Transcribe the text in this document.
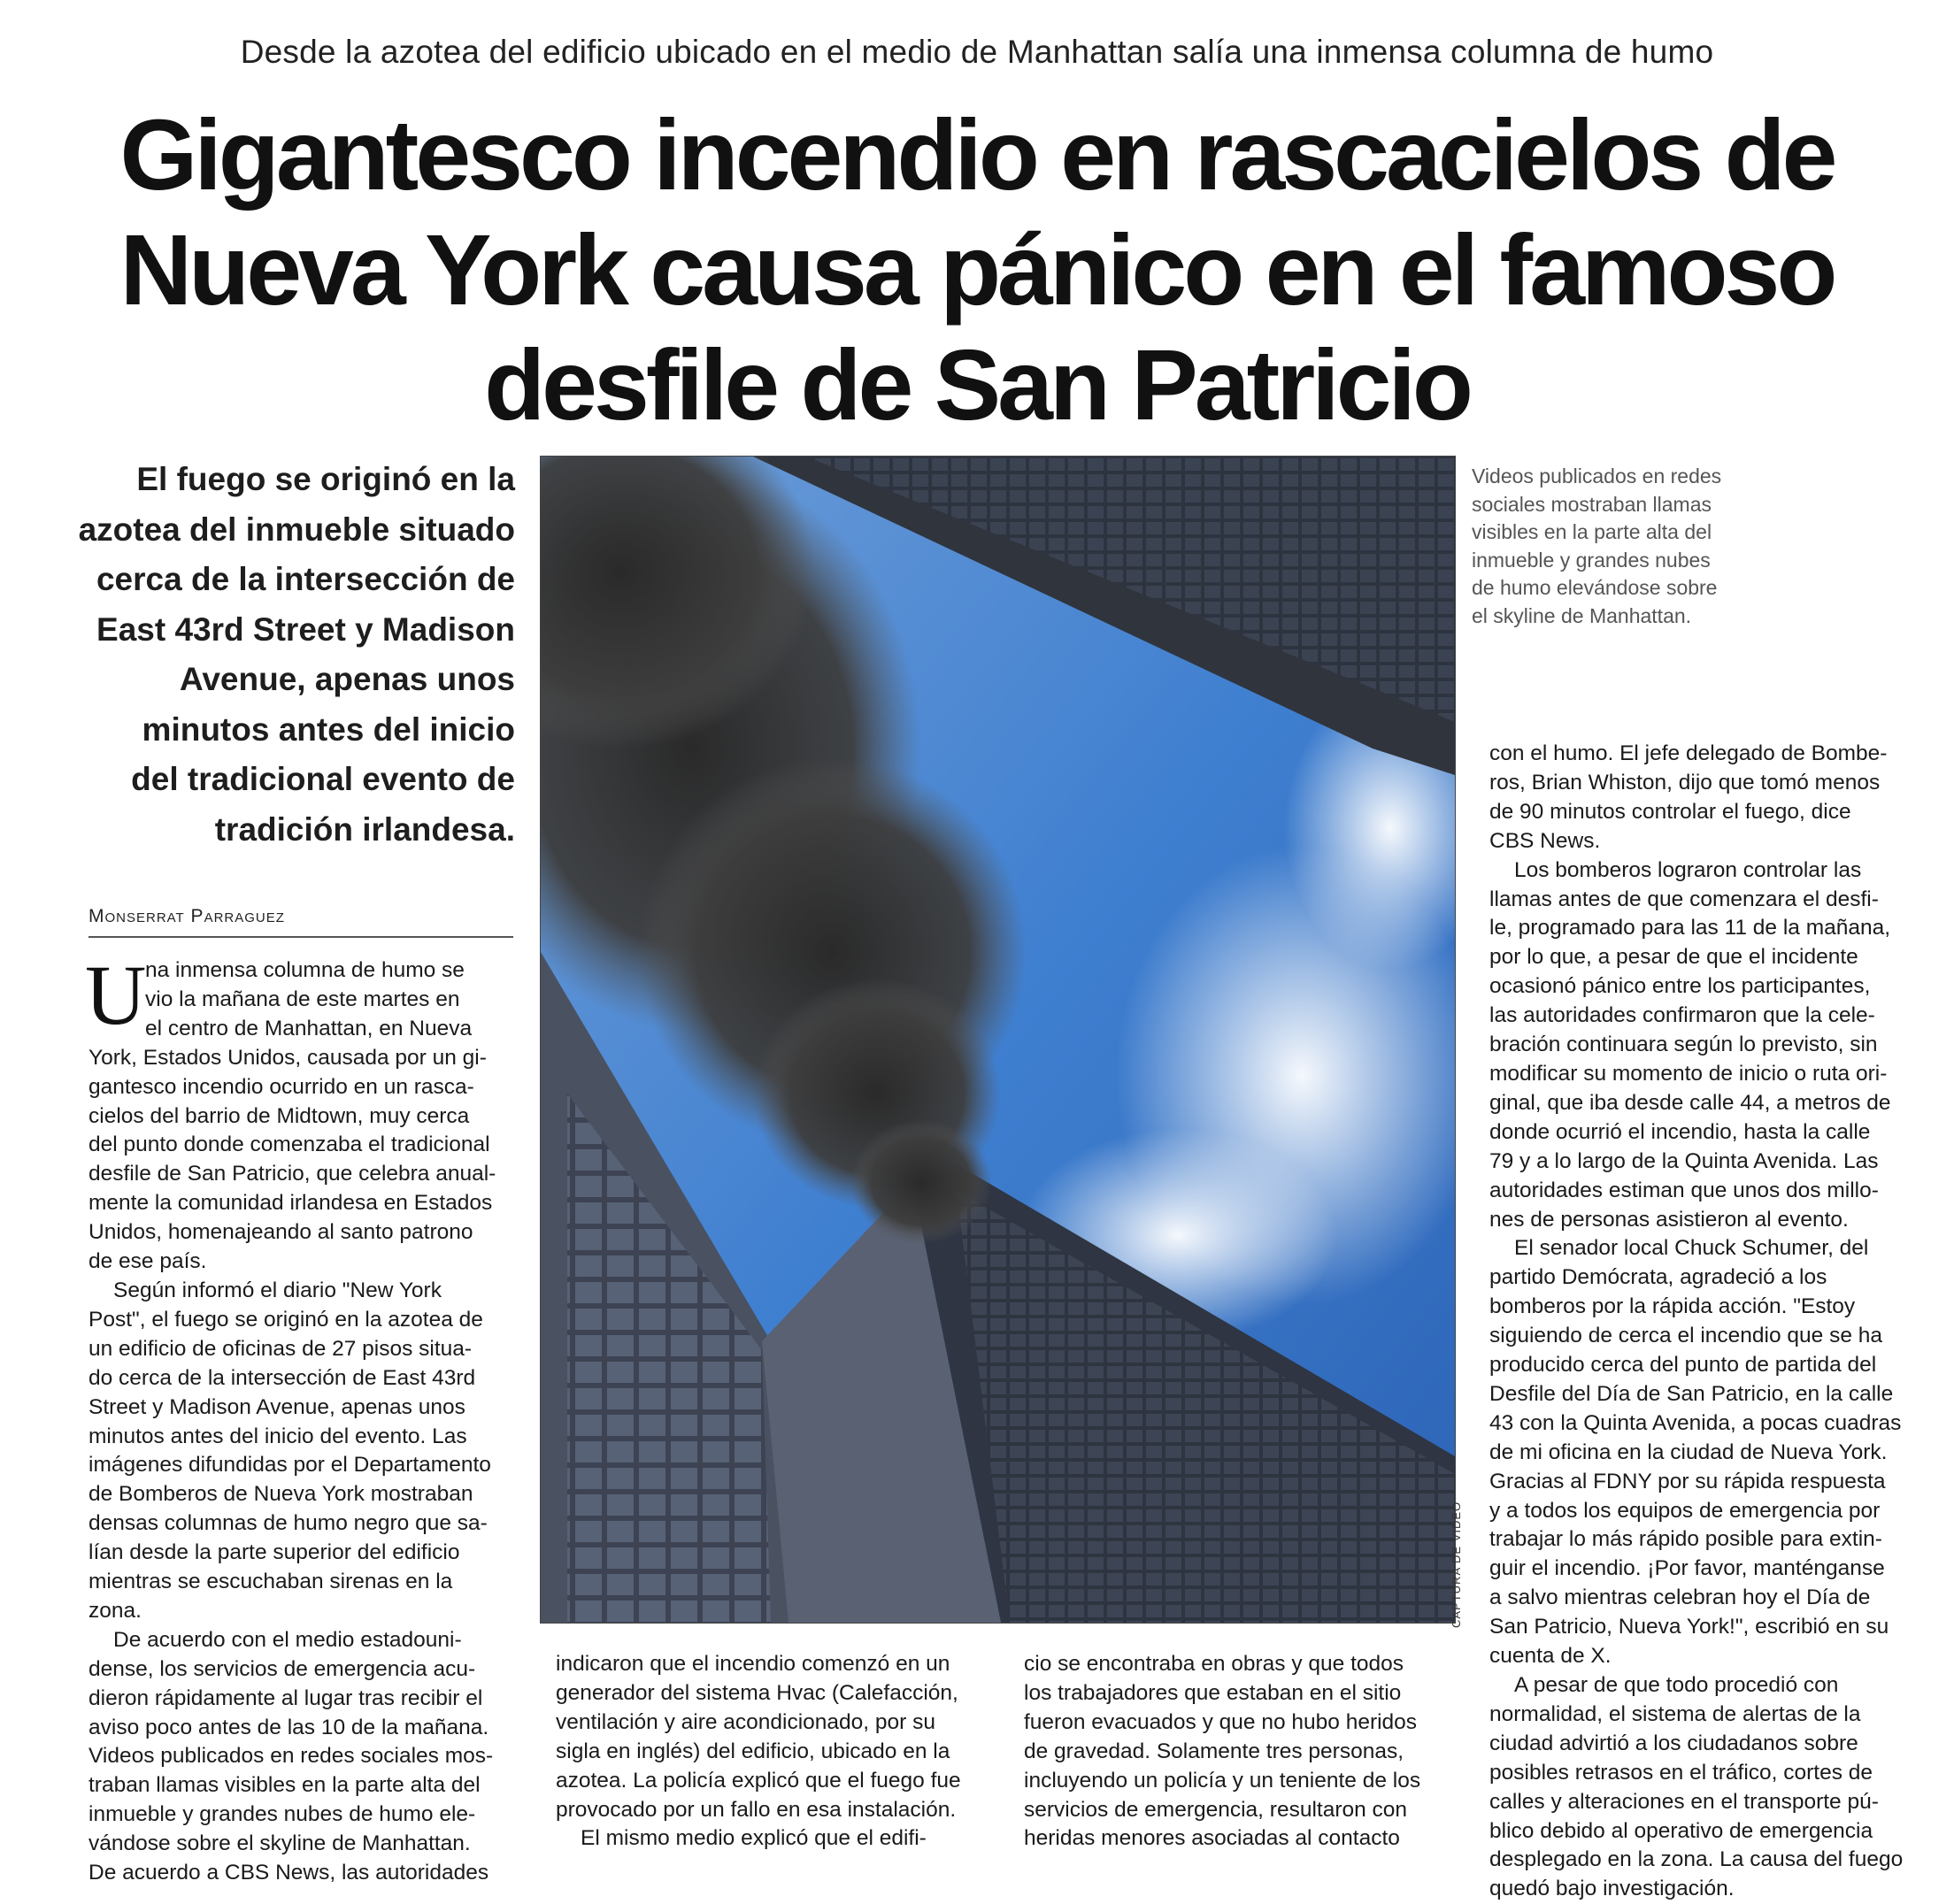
Desde la azotea del edificio ubicado en el medio de Manhattan salía una inmensa columna de humo
Gigantesco incendio en rascacielos de
Nueva York causa pánico en el famoso
desfile de San Patricio
El fuego se originó en la
azotea del inmueble situado
cerca de la intersección de
East 43rd Street y Madison
Avenue, apenas unos
minutos antes del inicio
del tradicional evento de
tradición irlandesa.
Monserrat Parraguez
U
na inmensa columna de humo se
vio la mañana de este martes en
el centro de Manhattan, en Nueva
York, Estados Unidos, causada por un gi-
gantesco incendio ocurrido en un rasca-
cielos del barrio de Midtown, muy cerca
del punto donde comenzaba el tradicional
desfile de San Patricio, que celebra anual-
mente la comunidad irlandesa en Estados
Unidos, homenajeando al santo patrono
de ese país.
Según informó el diario "New York
Post", el fuego se originó en la azotea de
un edificio de oficinas de 27 pisos situa-
do cerca de la intersección de East 43rd
Street y Madison Avenue, apenas unos
minutos antes del inicio del evento. Las
imágenes difundidas por el Departamento
de Bomberos de Nueva York mostraban
densas columnas de humo negro que sa-
lían desde la parte superior del edificio
mientras se escuchaban sirenas en la
zona.
De acuerdo con el medio estadouni-
dense, los servicios de emergencia acu-
dieron rápidamente al lugar tras recibir el
aviso poco antes de las 10 de la mañana.
Videos publicados en redes sociales mos-
traban llamas visibles en la parte alta del
inmueble y grandes nubes de humo ele-
vándose sobre el skyline de Manhattan.
De acuerdo a CBS News, las autoridades
CAPTURA DE VIDEO
Videos publicados en redes
sociales mostraban llamas
visibles en la parte alta del
inmueble y grandes nubes
de humo elevándose sobre
el skyline de Manhattan.
indicaron que el incendio comenzó en un
generador del sistema Hvac (Calefacción,
ventilación y aire acondicionado, por su
sigla en inglés) del edificio, ubicado en la
azotea. La policía explicó que el fuego fue
provocado por un fallo en esa instalación.
El mismo medio explicó que el edifi-
cio se encontraba en obras y que todos
los trabajadores que estaban en el sitio
fueron evacuados y que no hubo heridos
de gravedad. Solamente tres personas,
incluyendo un policía y un teniente de los
servicios de emergencia, resultaron con
heridas menores asociadas al contacto
con el humo. El jefe delegado de Bombe-
ros, Brian Whiston, dijo que tomó menos
de 90 minutos controlar el fuego, dice
CBS News.
Los bomberos lograron controlar las
llamas antes de que comenzara el desfi-
le, programado para las 11 de la mañana,
por lo que, a pesar de que el incidente
ocasionó pánico entre los participantes,
las autoridades confirmaron que la cele-
bración continuara según lo previsto, sin
modificar su momento de inicio o ruta ori-
ginal, que iba desde calle 44, a metros de
donde ocurrió el incendio, hasta la calle
79 y a lo largo de la Quinta Avenida. Las
autoridades estiman que unos dos millo-
nes de personas asistieron al evento.
El senador local Chuck Schumer, del
partido Demócrata, agradeció a los
bomberos por la rápida acción. "Estoy
siguiendo de cerca el incendio que se ha
producido cerca del punto de partida del
Desfile del Día de San Patricio, en la calle
43 con la Quinta Avenida, a pocas cuadras
de mi oficina en la ciudad de Nueva York.
Gracias al FDNY por su rápida respuesta
y a todos los equipos de emergencia por
trabajar lo más rápido posible para extin-
guir el incendio. ¡Por favor, manténganse
a salvo mientras celebran hoy el Día de
San Patricio, Nueva York!", escribió en su
cuenta de X.
A pesar de que todo procedió con
normalidad, el sistema de alertas de la
ciudad advirtió a los ciudadanos sobre
posibles retrasos en el tráfico, cortes de
calles y alteraciones en el transporte pú-
blico debido al operativo de emergencia
desplegado en la zona. La causa del fuego
quedó bajo investigación.
